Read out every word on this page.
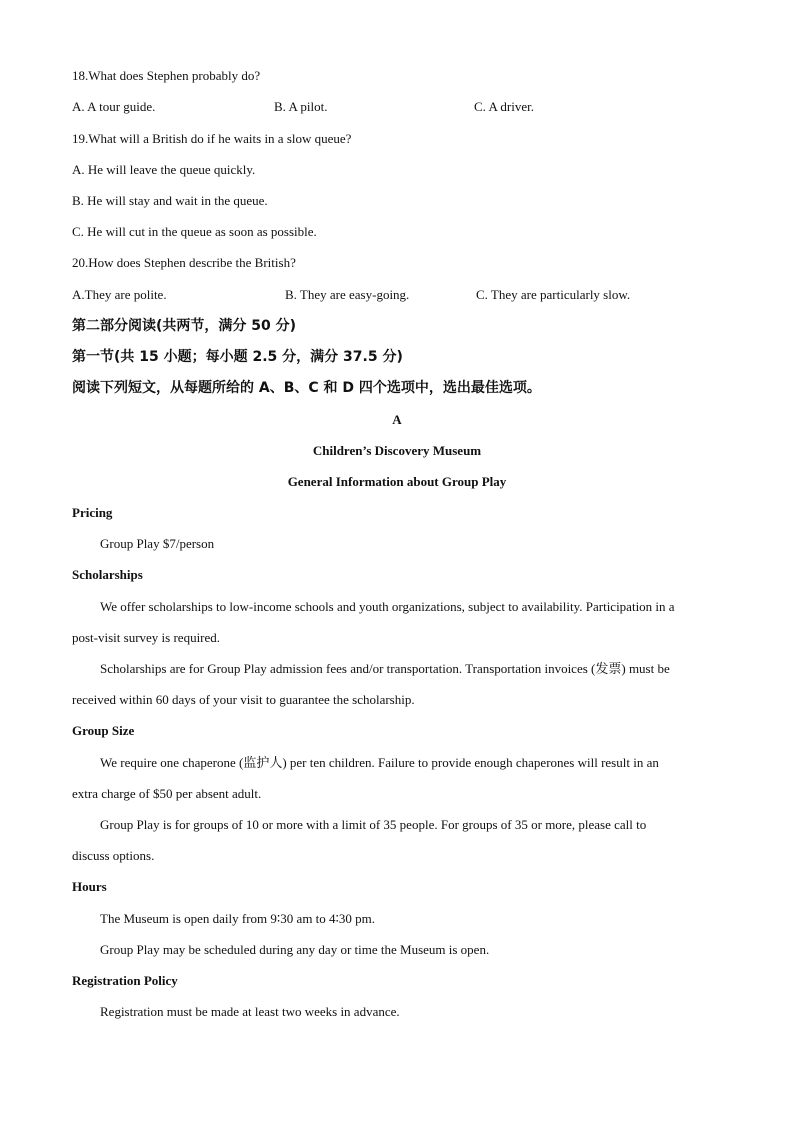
18.What does Stephen probably do?
A. A tour guide.	B. A pilot.	C. A driver.
19.What will a British do if he waits in a slow queue?
A. He will leave the queue quickly.
B. He will stay and wait in the queue.
C. He will cut in the queue as soon as possible.
20.How does Stephen describe the British?
A.They are polite.	B. They are easy-going.	C. They are particularly slow.
第二部分阅读(共两节，满分 50 分)
第一节(共 15 小题；每小题 2.5 分，满分 37.5 分)
阅读下列短文，从每题所给的 A、B、C 和 D 四个选项中，选出最佳选项。
A
Children’s Discovery Museum
General Information about Group Play
Pricing
Group Play $7/person
Scholarships
We offer scholarships to low-income schools and youth organizations, subject to availability. Participation in a
post-visit survey is required.
Scholarships are for Group Play admission fees and/or transportation. Transportation invoices (发票) must be
received within 60 days of your visit to guarantee the scholarship.
Group Size
We require one chaperone (监护人) per ten children. Failure to provide enough chaperones will result in an
extra charge of $50 per absent adult.
Group Play is for groups of 10 or more with a limit of 35 people. For groups of 35 or more, please call to
discuss options.
Hours
The Museum is open daily from 9∶30 am to 4∶30 pm.
Group Play may be scheduled during any day or time the Museum is open.
Registration Policy
Registration must be made at least two weeks in advance.
